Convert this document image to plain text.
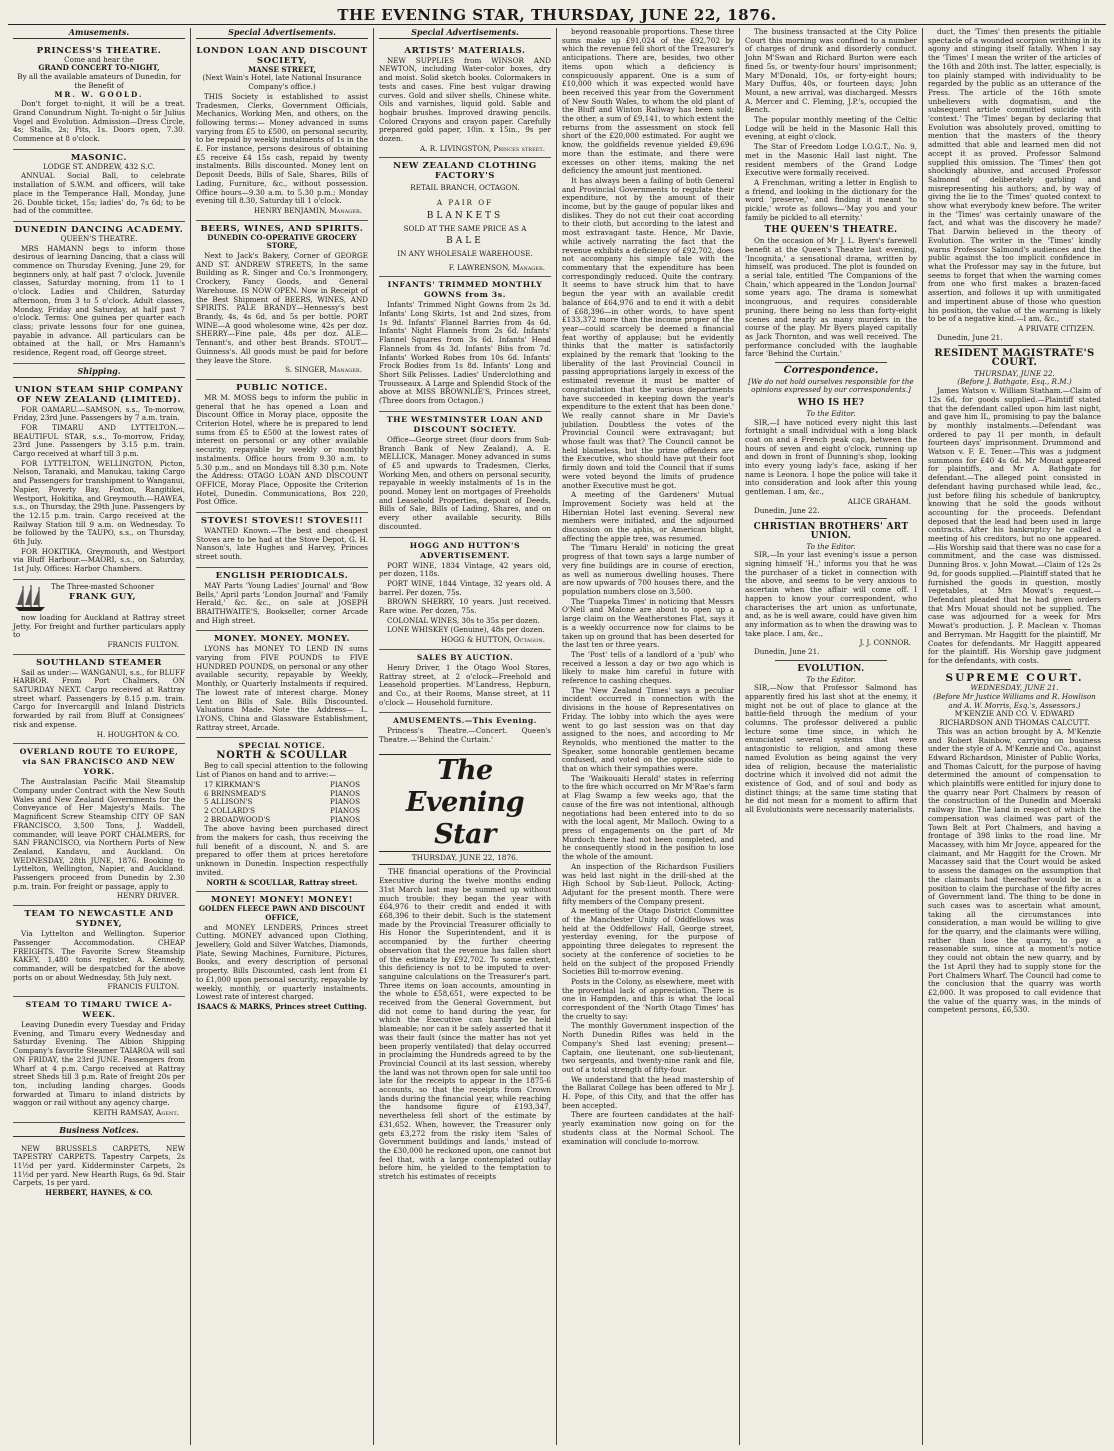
THE EVENING STAR, THURSDAY, JUNE 22, 1876.
Amusements.
PRINCESS'S THEATRE.
Come and hear the
GRAND CONCERT TO-NIGHT,
By all the available amateurs of Dunedin, for the Benefit of
MR. W. GOOLD.

Don't forget to-night, it will be a treat. Grand Conundrum Night. To-night o 5ir Julius Vogel and Evolution. Admission—Dress Circle, 4s; Stalls, 2s; Pits, 1s. Doors open, 7.30. Commence at 8 o'clock.

MASONIC.
LODGE ST. ANDREW, 432 S.C.

ANNUAL Social Ball, to celebrate installation of S.W.M. and officers, will take place in the Temperance Hall, Monday, June 26. Double ticket, 15s; ladies' do, 7s 6d; to be had of the committee.

DUNEDIN DANCING ACADEMY.
QUEEN'S THEATRE.

MRS HAMANN begs to inform those desirous of learning Dancing, that a class will commence on Thursday Evening, June 29, for beginners only, at half past 7 o'clock. Juvenile classes, Saturday morning, from 11 to 1 o'clock. Ladies and Children, Saturday afternoon, from 3 to 5 o'clock. Adult classes, Monday, Friday and Saturday, at half past 7 o'clock. Terms: One guinea per quarter each class; private lessons four for one guinea, payable in advance. All particulars can be obtained at the hall, or Mrs Hamann's residence, Regent road, off George street.

Shipping.
UNION STEAM SHIP COMPANY OF NEW ZEALAND (LIMITED).

FOR OAMARU.—SAMSON, s.s., To-morrow, Friday, 23rd June. Passengers by 7 a.m. train.

FOR TIMARU AND LYTTELTON.—BEAUTIFUL STAR, s.s., To-morrow, Friday, 23rd June. Passengers by 3.15 p.m. train. Cargo received at wharf till 3 p.m.

FOR LYTTELTON, WELLINGTON, Picton, Nelson, Taranaki, and Manukau, taking Cargo and Passengers for transhipment to Wanganui, Napier, Poverty Bay, Foxton, Rangitikei, Westport, Hokitika, and Greymouth.—HAWEA, s.s., on Thursday, the 29th June. Passengers by the 12.15 p.m. train. Cargo received at the Railway Station till 9 a.m. on Wednesday. To be followed by the TAUPO, s.s., on Thursday, 6th July.

FOR HOKITIKA, Greymouth, and Westport via Bluff Harbour.—MAORI, s.s., on Saturday, 1st July. Offices: Harbor Chambers.

The Three-masted Schooner
FRANK GUY,

now loading for Auckland at Rattray street Jetty. For freight and further particulars apply to

FRANCIS FULTON.
SOUTHLAND STEAMER

Sail as under:— WANGANUI, s.s., for BLUFF HARBOR. From Port Chalmers, ON SATURDAY NEXT. Cargo received at Rattray street wharf. Passengers by 8.15 p.m. train. Cargo for Invercargill and Inland Districts forwarded by rail from Bluff at Consignees' risk and expense.

H. HOUGHTON & CO.
OVERLAND ROUTE TO EUROPE, via SAN FRANCISCO AND NEW YORK.

The Australasian Pacific Mail Steamship Company under Contract with the New South Wales and New Zealand Governments for the Conveyance of Her Majesty's Mails. The Magnificent Screw Steamship CITY OF SAN FRANCISCO, 3,500 Tons, J. Waddell, commander, will leave PORT CHALMERS, for SAN FRANCISCO, via Northern Ports of New Zealand, Kandavu, and Auckland. On WEDNESDAY, 28th JUNE, 1876. Booking to Lyttelton, Wellington, Napier, and Auckland. Passengers proceed from Dunedin by 2.30 p.m. train. For freight or passage, apply to

HENRY DRIVER.
TEAM TO NEWCASTLE AND SYDNEY,

Via Lyttelton and Wellington. Superior Passenger Accommodation. CHEAP FREIGHTS. The Favorite Screw Steamship KAKEY, 1,480 tons register, A. Kennedy, commander, will be despatched for the above ports on or about Wednesday, 5th July next.

FRANCIS FULTON.
STEAM TO TIMARU TWICE A-WEEK.

Leaving Dunedin every Tuesday and Friday Evening, and Timaru every Wednesday and Saturday Evening. The Albion Shipping Company's favorite Steamer TAIAROA will sail ON FRIDAY, the 23rd JUNE. Passengers from Wharf at 4 p.m. Cargo received at Rattray street Sheds till 3 p.m. Rate of freight 20s per ton, including landing charges. Goods forwarded at Timaru to inland districts by waggon or rail without any agency charge.

KEITH RAMSAY, Agent.
Business Notices.

NEW BRUSSELS CARPETS, NEW TAPESTRY CARPETS. Tapestry Carpets, 2s 11½d per yard. Kidderminster Carpets, 2s 11½d per yard. New Hearth Rugs, 6s 9d. Stair Carpets, 1s per yard.

HERBERT, HAYNES, & CO.
Special Advertisements.
LONDON LOAN AND DISCOUNT SOCIETY,
MANSE STREET,
(Next Wain's Hotel, late National Insurance Company's office.)

THIS Society is established to assist Tradesmen, Clerks, Government Officials, Mechanics, Working Men, and others, on the following terms:— Money advanced in sums varying from £5 to £500, on personal security, to be repaid by weekly instalments of 1s in the £. For instance, persons desirous of obtaining £5 receive £4 15s cash, repaid by twenty instalments. Bills discounted. Money lent on Deposit Deeds, Bills of Sale, Shares, Bills of Lading, Furniture, &c., without possession. Office hours—9.30 a.m. to 5.30 p.m.; Monday evening till 8.30, Saturday till 1 o'clock.

HENRY BENJAMIN, Manager.
BEERS, WINES, AND SPIRITS.
DUNEDIN CO-OPERATIVE GROCERY STORE,

Next to Jack's Bakery, Corner of GEORGE AND ST. ANDREW STREETS, In the same Building as R. Singer and Co.'s Ironmongery, Crockery, Fancy Goods, and General Warehouse. IS NOW OPEN. Now in Receipt of the Best Shipment of BEERS, WINES, AND SPIRITS. PALE BRANDY—Hennessy's best Brandy, 4s, 4s 6d, and 5s per bottle. PORT WINE—A good wholesome wine, 42s per doz. SHERRY—Fine pale, 48s per doz. ALE—Tennant's, and other best Brands. STOUT—Guinness's. All goods must be paid for before they leave the Store.

S. SINGER, Manager.
PUBLIC NOTICE.

MR M. MOSS begs to inform the public in general that he has opened a Loan and Discount Office in Moray place, opposite the Criterion Hotel, where he is prepared to lend sums from £5 to £500 at the lowest rates of interest on personal or any other available security, repayable by weekly or monthly instalments. Office hours from 9.30 a.m. to 5.30 p.m., and on Mondays till 8.30 p.m. Note the Address: OTAGO LOAN AND DISCOUNT OFFICE, Moray Place, Opposite the Criterion Hotel, Dunedin. Communications, Box 220, Post Office.

STOVES! STOVES!! STOVES!!!

WANTED Known.—The best and cheapest Stoves are to be had at the Stove Depot, G. H. Nanson's, late Hughes and Harvey, Princes street south.

ENGLISH PERIODICALS.

MAY Parts 'Young Ladies' Journal' and 'Bow Bells,' April parts 'London Journal' and 'Family Herald,' &c. &c., on sale at JOSEPH BRAITHWAITE'S, Bookseller, corner Arcade and High street.

MONEY. MONEY. MONEY.

LYONS has MONEY TO LEND IN sums varying from FIVE POUNDS to FIVE HUNDRED POUNDS, on personal or any other available security, repayable by Weekly, Monthly, or Quarterly Instalments if required. The lowest rate of interest charge. Money Lent on Bills of Sale. Bills Discounted. Valuations Made. Note the Address— L. LYONS, China and Glassware Establishment, Rattray street, Arcade.

SPECIAL NOTICE.
NORTH & SCOULLAR

Beg to call special attention to the following List of Pianos on hand and to arrive:—

17 KIRKMAN'S	PIANOS
6 BRINSMEAD'S	PIANOS
5 ALLISON'S	PIANOS
2 COLLARD'S	PIANOS
2 BROADWOOD'S	PIANOS

The above having been purchased direct from the makers for cash, thus receiving the full benefit of a discount, N. and S. are prepared to offer them at prices heretofore unknown in Dunedin. Inspection respectfully invited.

NORTH & SCOULLAR, Rattray street.
MONEY! MONEY! MONEY!
GOLDEN FLEECE PAWN AND DISCOUNT OFFICE,

and MONEY LENDERS, Princes street Cutting. MONEY advanced upon Clothing, Jewellery, Gold and Silver Watches, Diamonds, Plate, Sewing Machines, Furniture, Pictures, Books, and every description of personal property. Bills Discounted, cash lent from £1 to £1,000 upon personal security, repayable by weekly, monthly, or quarterly instalments. Lowest rate of interest charged.

ISAACS & MARKS, Princes street Cutting.
Special Advertisements.
ARTISTS' MATERIALS.

NEW SUPPLIES from WINSOR AND NEWTON, including Water-color boxes, dry and moist. Solid sketch books. Colormakers in tests and cases. Fine best vulgar drawing curves. Gold and silver shells, Chinese white. Oils and varnishes, liquid gold. Sable and hoghair brushes. Improved drawing pencils. Colored Crayons and crayon paper. Carefully prepared gold paper, 10in. x 15in., 9s per dozen.

A. R. LIVINGSTON, Princes street.
NEW ZEALAND CLOTHING FACTORY'S
RETAIL BRANCH, OCTAGON.
A PAIR OF
BLANKETS
SOLD AT THE SAME PRICE AS A
BALE
IN ANY WHOLESALE WAREHOUSE.
F. LAWRENSON, Manager.
INFANTS' TRIMMED MONTHLY GOWNS from 3s.

Infants' Trimmed Night Gowns from 2s 3d. Infants' Long Skirts, 1st and 2nd sizes, from 1s 9d. Infants' Flannel Barries from 4s 6d. Infants' Night Flannels from 2s 6d. Infants' Flannel Squares from 3s 6d. Infants' Head Flannels from 4s 3d. Infants' Bibs from 7d. Infants' Worked Robes from 10s 6d. Infants' Frock Bodies from 1s 8d. Infants' Long and Short Silk Pelisses. Ladies' Underclothing and Trousseaux. A Large and Splendid Stock of the above at MISS BROWNLIE'S, Princes street, (Three doors from Octagon.)

THE WESTMINSTER LOAN AND DISCOUNT SOCIETY.

Office—George street (four doors from Sub-Branch Bank of New Zealand), A. E. MELLICK, Manager. Money advanced in sums of £5 and upwards to Tradesmen, Clerks, Working Men, and others on personal security, repayable in weekly instalments of 1s in the pound. Money lent on mortgages of Freeholds and Leasehold Properties, deposit of Deeds, Bills of Sale, Bills of Lading, Shares, and on every other available security. Bills discounted.

HOGG AND HUTTON'S ADVERTISEMENT.

PORT WINE, 1834 Vintage, 42 years old, per dozen, 118s.

PORT WINE, 1844 Vintage, 32 years old. A barrel. Per dozen, 75s.

BROWN SHERRY, 10 years. Just received. Rare wine. Per dozen, 75s.

COLONIAL WINES, 30s to 35s per dozen.

LONE WHISKEY (Genuine), 48s per dozen.

HOGG & HUTTON, Octagon.
SALES BY AUCTION.

Henry Driver, 1 the Otago Wool Stores, Rattray street, at 2 o'clock—Freehold and Leasehold properties. M'Landress, Hepburn, and Co., at their Rooms, Manse street, at 11 o'clock — Household furniture.

AMUSEMENTS.—This Evening.

Princess's Theatre.—Concert. Queen's Theatre.—'Behind the Curtain.'

The Evening Star
THURSDAY, JUNE 22, 1876.

THE financial operations of the Provincial Executive during the twelve months ending 31st March last may be summed up without much trouble: they began the year with £64,976 to their credit and ended it with £68,396 to their debit. Such is the statement made by the Provincial Treasurer officially to His Honor the Superintendent, and it is accompanied by the further cheering observation that the revenue has fallen short of the estimate by £92,702. To some extent, this deficiency is not to be imputed to over-sanguine calculations on the Treasurer's part. Three items on loan accounts, amounting in the whole to £58,651, were expected to be received from the General Government, but did not come to hand during the year, for which the Executive can hardly be held blameable; nor can it be safely asserted that it was their fault (since the matter has not yet been properly ventilated) that delay occurred in proclaiming the Hundreds agreed to by the Provincial Council at its last session, whereby the land was not thrown open for sale until too late for the receipts to appear in the 1875-6 accounts, so that the receipts from Crown lands during the financial year, while reaching the handsome figure of £193,347, nevertheless fell short of the estimate by £31,652. When, however, the Treasurer only gets £3,272 from the risky item 'Sales of Government buildings and lands,' instead of the £30,000 he reckoned upon, one cannot but feel that, with a large contemplated outlay before him, he yielded to the temptation to stretch his estimates of receipts

beyond reasonable proportions. These three sums make up £91,024 of the £92,702 by which the revenue fell short of the Treasurer's anticipations. There are, besides, two other items upon which a deficiency is conspicuously apparent. One is a sum of £10,000 which it was expected would have been received this year from the Government of New South Wales, to whom the old plant of the Bluff and Winton Railway has been sold; the other, a sum of £9,141, to which extent the returns from the assessment on stock fell short of the £20,000 estimated. For aught we know, the goldfields revenue yielded £9,696 more than the estimate, and there were excesses on other items, making the net deficiency the amount just mentioned.

It has always been a failing of both General and Provincial Governments to regulate their expenditure, not by the amount of their income, but by the gauge of popular likes and dislikes. They do not cut their coat according to their cloth, but according to the latest and most extravagant taste. Hence, Mr Davie, while actively narrating the fact that the revenue exhibits a deficiency of £92,702, does not accompany his simple tale with the commentary that the expenditure has been correspondingly reduced. Quite the contrary. It seems to have struck him that to have begun the year with an available credit balance of £64,976 and to end it with a debit of £68,396—in other words, to have spent £133,372 more than the income proper of the year—could scarcely be deemed a financial feat worthy of applause; but he evidently thinks that the matter is satisfactorily explained by the remark that 'looking to the liberality of the last Provincial Council in passing appropriations largely in excess of the estimated revenue it must be matter of congratulation that the various departments have succeeded in keeping down the year's expenditure to the extent that has been done.' We really cannot share in Mr Davie's jubilation. Doubtless the votes of the Provincial Council were extravagant; but whose fault was that? The Council cannot be held blameless, but the prime offenders are the Executive, who should have put their foot firmly down and told the Council that if sums were voted beyond the limits of prudence another Executive must be got.

A meeting of the Gardeners' Mutual Improvement Society was held at the Hibernian Hotel last evening. Several new members were initiated, and the adjourned discussion on the aphis, or American blight, affecting the apple tree, was resumed.

The 'Timaru Herald' in noticing the great progress of that town says a large number of very fine buildings are in course of erection, as well as numerous dwelling houses. There are now upwards of 700 houses there, and the population numbers close on 3,500.

The 'Tuapeka Times' in noticing that Messrs O'Neil and Malone are about to open up a large claim on the Weatherstones Flat, says it is a weekly occurrence now for claims to be taken up on ground that has been deserted for the last ten or three years.

The 'Post' tells of a landlord of a 'pub' who received a lesson a day or two ago which is likely to make him careful in future with reference to cashing cheques.

The 'New Zealand Times' says a peculiar incident occurred in connection with the divisions in the house of Representatives on Friday. The lobby into which the ayes were went to go last session was on that day assigned to the noes, and according to Mr Reynolds, who mentioned the matter to the Speaker, some honorable gentlemen became confused, and voted on the opposite side to that on which their sympathies were.

The 'Waikouaiti Herald' states in referring to the fire which occurred on Mr M'Rae's farm at Flag Swamp a few weeks ago, that the cause of the fire was not intentional, although negotiations had been entered into to do so with the local agent, Mr Malloch. Owing to a press of engagements on the part of Mr Murdoch there had not been completed, and he consequently stood in the position to lose the whole of the amount.

An inspection of the Richardson Fusiliers was held last night in the drill-shed at the High School by Sub-Lieut. Pollock, Acting-Adjutant for the present month. There were fifty members of the Company present.

A meeting of the Otago District Committee of the Manchester Unity of Oddfellows was held at the Oddfellows' Hall, George street, yesterday evening, for the purpose of appointing three delegates to represent the society at the conference of societies to be held on the subject of the proposed Friendly Societies Bill to-morrow evening.

Posts in the Colony, as elsewhere, meet with the proverbial lack of appreciation. There is one in Hampden, and this is what the local correspondent of the 'North Otago Times' has the cruelty to say:

The monthly Government inspection of the North Dunedin Rifles was held in the Company's Shed last evening; present—Captain, one lieutenant, one sub-lieutenant, two sergeants, and twenty-nine rank and file, out of a total strength of fifty-four.

We understand that the head mastership of the Ballarat College has been offered to Mr J. H. Pope, of this City, and that the offer has been accepted.

There are fourteen candidates at the half-yearly examination now going on for the students class at the Normal School. The examination will conclude to-morrow.

The business transacted at the City Police Court this morning was confined to a number of charges of drunk and disorderly conduct. John M'Swan and Richard Burton were each fined 5s, or twenty-four hours' imprisonment; Mary M'Donald, 10s, or forty-eight hours; Mary Duffus, 40s, or fourteen days; John Mount, a new arrival, was discharged. Messrs A. Mercer and C. Fleming, J.P.'s, occupied the Bench.

The popular monthly meeting of the Celtic Lodge will be held in the Masonic Hall this evening, at eight o'clock.

The Star of Freedom Lodge I.O.G.T., No. 9, met in the Masonic Hall last night. The resident members of the Grand Lodge Executive were formally received.

A Frenchman, writing a letter in English to a friend, and looking in the dictionary for the word 'preserve,' and finding it meant 'to pickle,' wrote as follows—'May you and your family be pickled to all eternity.'

THE QUEEN'S THEATRE.

On the occasion of Mr J. L. Byers's farewell benefit at the Queen's Theatre last evening, 'Incognita,' a sensational drama, written by himself, was produced. The plot is founded on a serial tale, entitled 'The Companions of the Chain,' which appeared in the 'London Journal' some years ago. The drama is somewhat incongruous, and requires considerable pruning, there being no less than forty-eight scenes and nearly as many murders in the course of the play. Mr Byers played capitally as Jack Thornton, and was well received. The performance concluded with the laughable farce 'Behind the Curtain.'

Correspondence.
[We do not hold ourselves responsible for the opinions expressed by our correspondents.]
WHO IS HE?
To the Editor.

SIR,—I have noticed every night this last fortnight a small individual with a long black coat on and a French peak cap, between the hours of seven and eight o'clock, running up and down in front of Dunning's shop, looking into every young lady's face, asking if her name is Leonora. I hope the police will take it into consideration and look after this young gentleman. I am, &c.,

ALICE GRAHAM.

Dunedin, June 22.

CHRISTIAN BROTHERS' ART UNION.
To the Editor.

SIR,—In your last evening's issue a person signing himself 'H.,' informs you that he was the purchaser of a ticket in connection with the above, and seems to be very anxious to ascertain when the affair will come off. I happen to know your correspondent, who characterises the art union as unfortunate, and, as he is well aware, could have given him any information as to when the drawing was to take place. I am, &c.,

J. J. CONNOR.

Dunedin, June 21.

EVOLUTION.
To the Editor.

SIR,—Now that Professor Salmond has apparently fired his last shot at the enemy, it might not be out of place to glance at the battle-field through the medium of your columns. The professor delivered a public lecture some time since, in which he enunciated several systems that were antagonistic to religion, and among these named Evolution as being against the very idea of religion, because the materialistic doctrine which it involved did not admit the existence of God, and of soul and body as distinct things; at the same time stating that he did not mean for a moment to affirm that all Evolutionists were necessarily materialists.

duct, the 'Times' then presents the pitiable spectacle of a wounded scorpion writhing in its agony and stinging itself fatally. When I say the 'Times' I mean the writer of the articles of the 16th and 20th inst. The latter, especially, is too plainly stamped with individuality to be regarded by the public as an utterance of the Press. The article of the 16th smote unbelievers with dogmatism, and the subsequent article committed suicide with 'context.' The 'Times' began by declaring that Evolution was absolutely proved, omitting to mention that the masters of the theory admitted that able and learned men did not accept it as proved. Professor Salmond supplied this omission. The 'Times' then got shockingly abusive, and accused Professor Salmond of deliberately garbling and misrepresenting his authors; and, by way of giving the lie to the 'Times' quoted context to show what everybody knew before. The writer in the 'Times' was certainly unaware of the fact, and what was the discovery he made? That Darwin believed in the theory of Evolution. The writer in the 'Times' kindly warns Professor Salmond's audiences and the public against the too implicit confidence in what the Professor may say in the future, but seems to forget that when the warning comes from one who first makes a brazen-faced assertion, and follows it up with unmitigated and impertinent abuse of those who question his position, the value of the warning is likely to be of a negative kind.—I am, &c.,

A PRIVATE CITIZEN.

Dunedin, June 21.

RESIDENT MAGISTRATE'S COURT.
THURSDAY, JUNE 22.
(Before J. Bathgate, Esq., R.M.)

James Watson v. William Statham.—Claim of 12s 6d, for goods supplied.—Plaintiff stated that the defendant called upon him last night, and gave him IL, promising to pay the balance by monthly instalments.—Defendant was ordered to pay 1l per month, in default fourteen days' imprisonment. Drummond and Watson v. F. E. Tener.—This was a judgment summons for £40 4s 6d. Mr Mouat appeared for plaintiffs, and Mr A. Bathgate for defendant.—The alleged point consisted in defendant having purchased while lead, &c., just before filing his schedule of bankruptcy, knowing that he sold the goods without accounting for the proceeds. Defendant deposed that the lead had been used in large contracts. After his bankruptcy he called a meeting of his creditors, but no one appeared.—His Worship said that there was no case for a commitment, and the case was dismissed. Dunning Bros. v. John Mowat.—Claim of 12s 2s 9d, for goods supplied.—Plaintiff stated that he furnished the goods in question, mostly vegetables, at Mrs Mowat's request.—Defendant pleaded that he had given orders that Mrs Mouat should not be supplied. The case was adjourned for a week for Mrs Mowat's production. J. P. Maclean v. Thomas and Berryman. Mr Haggitt for the plaintiff, Mr Coates for defendants. Mr Haggitt appeared for the plaintiff. His Worship gave judgment for the defendants, with costs.

SUPREME COURT.
WEDNESDAY, JUNE 21.
(Before Mr Justice Williams and R. Howlison and A. W. Morris, Esq.'s, Assessors.)
M'KENZIE AND CO. V. EDWARD RICHARDSON AND THOMAS CALCUTT.

This was an action brought by A. M'Kenzie and Robert Rainbow, carrying on business under the style of A. M'Kenzie and Co., against Edward Richardson, Minister of Public Works, and Thomas Calcutt, for the purpose of having determined the amount of compensation to which plaintiffs were entitled for injury done to the quarry near Port Chalmers by reason of the construction of the Dunedin and Moeraki railway line. The land in respect of which the compensation was claimed was part of the Town Belt at Port Chalmers, and having a frontage of 398 links to the road line. Mr Macassey, with him Mr Joyce, appeared for the claimant, and Mr Haggitt for the Crown. Mr Macassey said that the Court would be asked to assess the damages on the assumption that the claimants had thereafter would be in a position to claim the purchase of the fifty acres of Government land. The thing to be done in such cases was to ascertain what amount, taking all the circumstances into consideration, a man would be willing to give for the quarry, and the claimants were willing, rather than lose the quarry, to pay a reasonable sum, since at a moment's notice they could not obtain the new quarry, and by the 1st April they had to supply stone for the Port Chalmers Wharf. The Council had come to the conclusion that the quarry was worth £2,000. It was proposed to call evidence that the value of the quarry was, in the minds of competent persons, £6,530.
